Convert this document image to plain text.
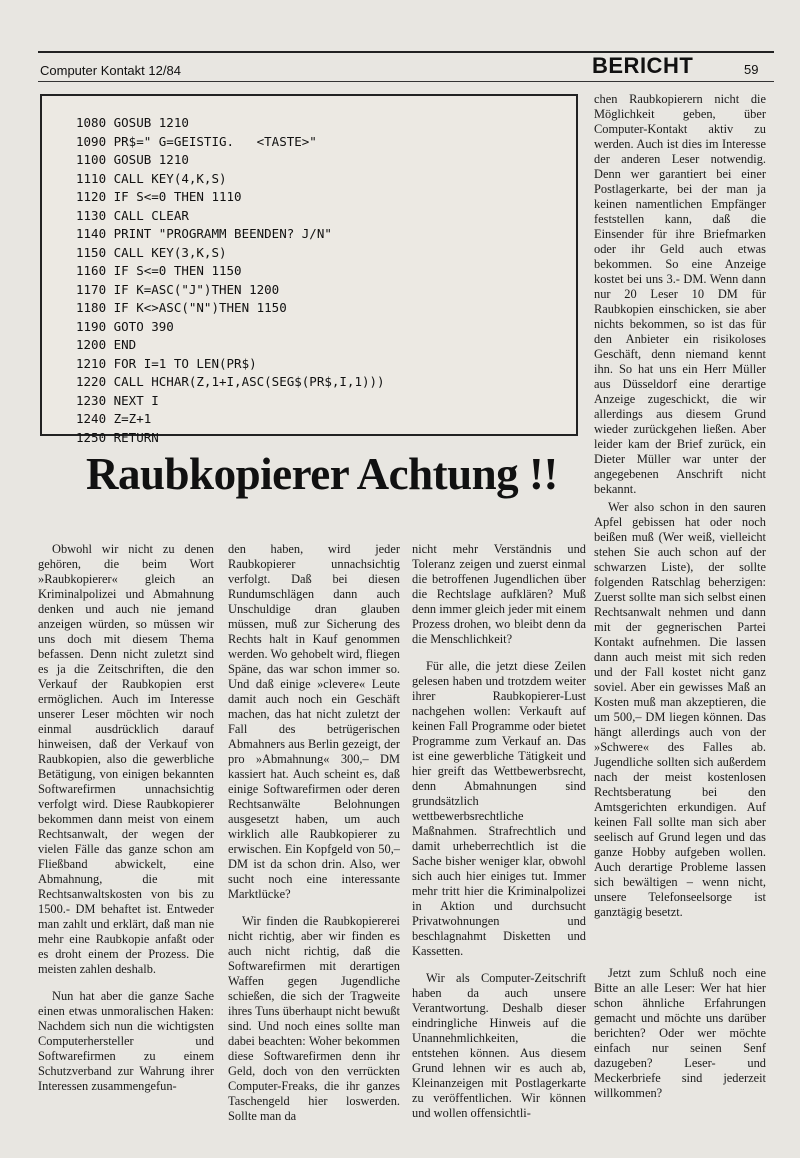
Computer Kontakt 12/84	BERICHT	59
1080 GOSUB 1210
1090 PR$=" G=GEISTIG.   <TASTE>"
1100 GOSUB 1210
1110 CALL KEY(4,K,S)
1120 IF S<=0 THEN 1110
1130 CALL CLEAR
1140 PRINT "PROGRAMM BEENDEN? J/N"
1150 CALL KEY(3,K,S)
1160 IF S<=0 THEN 1150
1170 IF K=ASC("J")THEN 1200
1180 IF K<>ASC("N")THEN 1150
1190 GOTO 390
1200 END
1210 FOR I=1 TO LEN(PR$)
1220 CALL HCHAR(Z,1+I,ASC(SEG$(PR$,I,1)))
1230 NEXT I
1240 Z=Z+1
1250 RETURN
Raubkopierer Achtung !!

Obwohl wir nicht zu denen gehören, die beim Wort »Raubkopierer« gleich an Kriminalpolizei und Abmahnung denken und auch nie jemand anzeigen würden, so müssen wir uns doch mit diesem Thema befassen. Denn nicht zuletzt sind es ja die Zeitschriften, die den Verkauf der Raubkopien erst ermöglichen. Auch im Interesse unserer Leser möchten wir noch einmal ausdrücklich darauf hinweisen, daß der Verkauf von Raubkopien, also die gewerbliche Betätigung, von einigen bekannten Softwarefirmen unnachsichtig verfolgt wird. Diese Raubkopierer bekommen dann meist von einem Rechtsanwalt, der wegen der vielen Fälle das ganze schon am Fließband abwickelt, eine Abmahnung, die mit Rechtsanwaltskosten von bis zu 1500.- DM behaftet ist. Entweder man zahlt und erklärt, daß man nie mehr eine Raubkopie anfaßt oder es droht einem der Prozess. Die meisten zahlen deshalb.

Nun hat aber die ganze Sache einen etwas unmoralischen Haken: Nachdem sich nun die wichtigsten Computerhersteller und Softwarefirmen zu einem Schutzverband zur Wahrung ihrer Interessen zusammengefun-

den haben, wird jeder Raubkopierer unnachsichtig verfolgt. Daß bei diesen Rundumschlägen dann auch Unschuldige dran glauben müssen, muß zur Sicherung des Rechts halt in Kauf genommen werden. Wo gehobelt wird, fliegen Späne, das war schon immer so. Und daß einige »clevere« Leute damit auch noch ein Geschäft machen, das hat nicht zuletzt der Fall des betrügerischen Abmahners aus Berlin gezeigt, der pro »Abmahnung« 300,– DM kassiert hat. Auch scheint es, daß einige Softwarefirmen oder deren Rechtsanwälte Belohnungen ausgesetzt haben, um auch wirklich alle Raubkopierer zu erwischen. Ein Kopfgeld von 50,– DM ist da schon drin. Also, wer sucht noch eine interessante Marktlücke?

Wir finden die Raubkopiererei nicht richtig, aber wir finden es auch nicht richtig, daß die Softwarefirmen mit derartigen Waffen gegen Jugendliche schießen, die sich der Tragweite ihres Tuns überhaupt nicht bewußt sind. Und noch eines sollte man dabei beachten: Woher bekommen diese Softwarefirmen denn ihr Geld, doch von den verrückten Computer-Freaks, die ihr ganzes Taschengeld hier loswerden. Sollte man da

nicht mehr Verständnis und Toleranz zeigen und zuerst einmal die betroffenen Jugendlichen über die Rechtslage aufklären? Muß denn immer gleich jeder mit einem Prozess drohen, wo bleibt denn da die Menschlichkeit?

Für alle, die jetzt diese Zeilen gelesen haben und trotzdem weiter ihrer Raubkopierer-Lust nachgehen wollen: Verkauft auf keinen Fall Programme oder bietet Programme zum Verkauf an. Das ist eine gewerbliche Tätigkeit und hier greift das Wettbewerbsrecht, denn Abmahnungen sind grundsätzlich wettbewerbsrechtliche Maßnahmen. Strafrechtlich und damit urheberrechtlich ist die Sache bisher weniger klar, obwohl sich auch hier einiges tut. Immer mehr tritt hier die Kriminalpolizei in Aktion und durchsucht Privatwohnungen und beschlagnahmt Disketten und Kassetten.

Wir als Computer-Zeitschrift haben da auch unsere Verantwortung. Deshalb dieser eindringliche Hinweis auf die Unannehmlichkeiten, die entstehen können. Aus diesem Grund lehnen wir es auch ab, Kleinanzeigen mit Postlagerkarte zu veröffentlichen. Wir können und wollen offensichtli-

chen Raubkopierern nicht die Möglichkeit geben, über Computer-Kontakt aktiv zu werden. Auch ist dies im Interesse der anderen Leser notwendig. Denn wer garantiert bei einer Postlagerkarte, bei der man ja keinen namentlichen Empfänger feststellen kann, daß die Einsender für ihre Briefmarken oder ihr Geld auch etwas bekommen. So eine Anzeige kostet bei uns 3.- DM. Wenn dann nur 20 Leser 10 DM für Raubkopien einschicken, sie aber nichts bekommen, so ist das für den Anbieter ein risikoloses Geschäft, denn niemand kennt ihn. So hat uns ein Herr Müller aus Düsseldorf eine derartige Anzeige zugeschickt, die wir allerdings aus diesem Grund wieder zurückgehen ließen. Aber leider kam der Brief zurück, ein Dieter Müller war unter der angegebenen Anschrift nicht bekannt.

Wer also schon in den sauren Apfel gebissen hat oder noch beißen muß (Wer weiß, vielleicht stehen Sie auch schon auf der schwarzen Liste), der sollte folgenden Ratschlag beherzigen: Zuerst sollte man sich selbst einen Rechtsanwalt nehmen und dann mit der gegnerischen Partei Kontakt aufnehmen. Die lassen dann auch meist mit sich reden und der Fall kostet nicht ganz soviel. Aber ein gewisses Maß an Kosten muß man akzeptieren, die um 500,– DM liegen können. Das hängt allerdings auch von der »Schwere« des Falles ab. Jugendliche sollten sich außerdem nach der meist kostenlosen Rechtsberatung bei den Amtsgerichten erkundigen. Auf keinen Fall sollte man sich aber seelisch auf Grund legen und das ganze Hobby aufgeben wollen. Auch derartige Probleme lassen sich bewältigen – wenn nicht, unsere Telefonseelsorge ist ganztägig besetzt.

Jetzt zum Schluß noch eine Bitte an alle Leser: Wer hat hier schon ähnliche Erfahrungen gemacht und möchte uns darüber berichten? Oder wer möchte einfach nur seinen Senf dazugeben? Leser- und Meckerbriefe sind jederzeit willkommen?
